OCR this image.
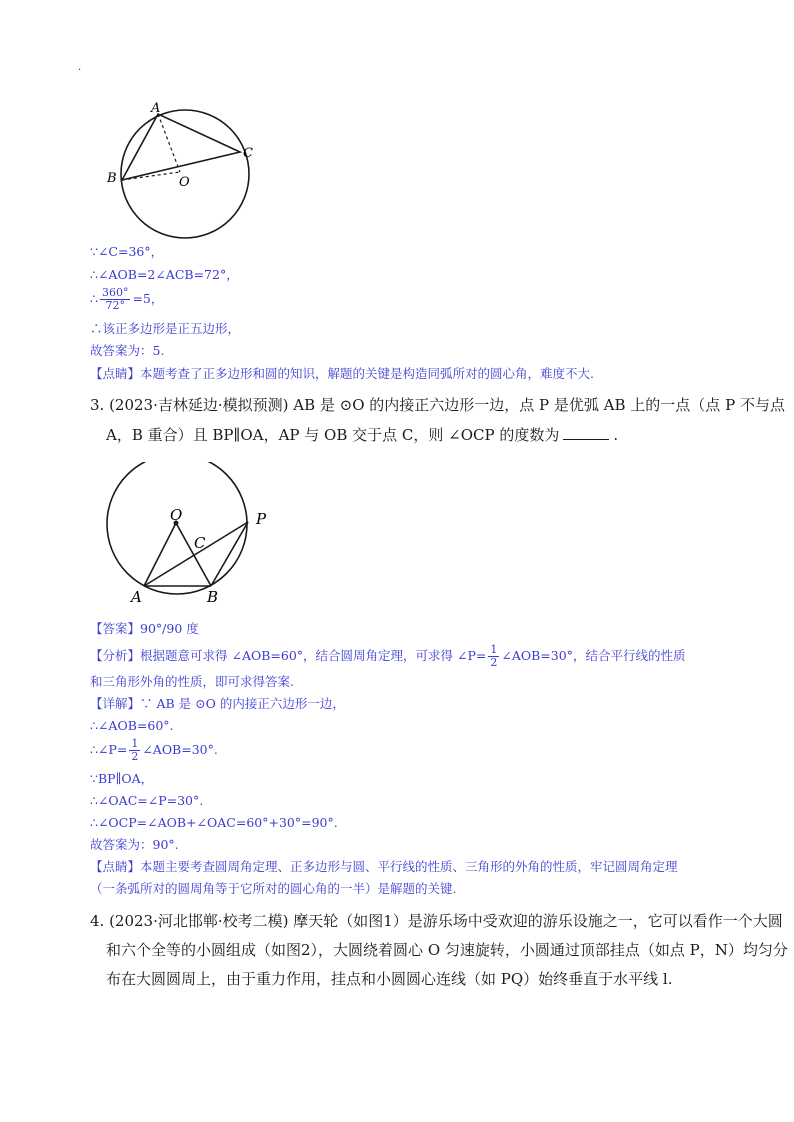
.
A
B
C
O
∵∠C=36°，
∴∠AOB=2∠ACB=72°，
∴ $\frac{360^\circ}{72^\circ} =5$，
∴该正多边形是正五边形，
故答案为：5.
【点睛】本题考查了正多边形和圆的知识，解题的关键是构造同弧所对的圆心角，难度不大.
3. (2023·吉林延边·模拟预测) AB 是 ⊙O 的内接正六边形一边，点 P 是优弧 AB 上的一点（点 P 不与点
A，B 重合）且 BP∥OA，AP 与 OB 交于点 C，则 ∠OCP 的度数为	.
O	P
C
A	B
【答案】90°/90 度
【分析】根据题意可求得 ∠AOB=60°，结合圆周角定理，可求得 ∠P= $\frac{1}{2}$ ∠AOB=30°，结合平行线的性质
和三角形外角的性质，即可求得答案.
【详解】∵ AB 是 ⊙O 的内接正六边形一边，
∴∠AOB=60°.
∴∠P= $\frac{1}{2}$ ∠AOB=30°.
∵BP∥OA，
∴∠OAC=∠P=30°.
∴∠OCP=∠AOB+∠OAC=60°+30°=90°.
故答案为：90°.
【点睛】本题主要考查圆周角定理、正多边形与圆、平行线的性质、三角形的外角的性质，牢记圆周角定理
（一条弧所对的圆周角等于它所对的圆心角的一半）是解题的关键.
4. (2023·河北邯郸·校考二模) 摩天轮（如图1）是游乐场中受欢迎的游乐设施之一，它可以看作一个大圆
和六个全等的小圆组成（如图2），大圆绕着圆心 O 匀速旋转，小圆通过顶部挂点（如点 P，N）均匀分
布在大圆圆周上，由于重力作用，挂点和小圆圆心连线（如 PQ）始终垂直于水平线 l.
